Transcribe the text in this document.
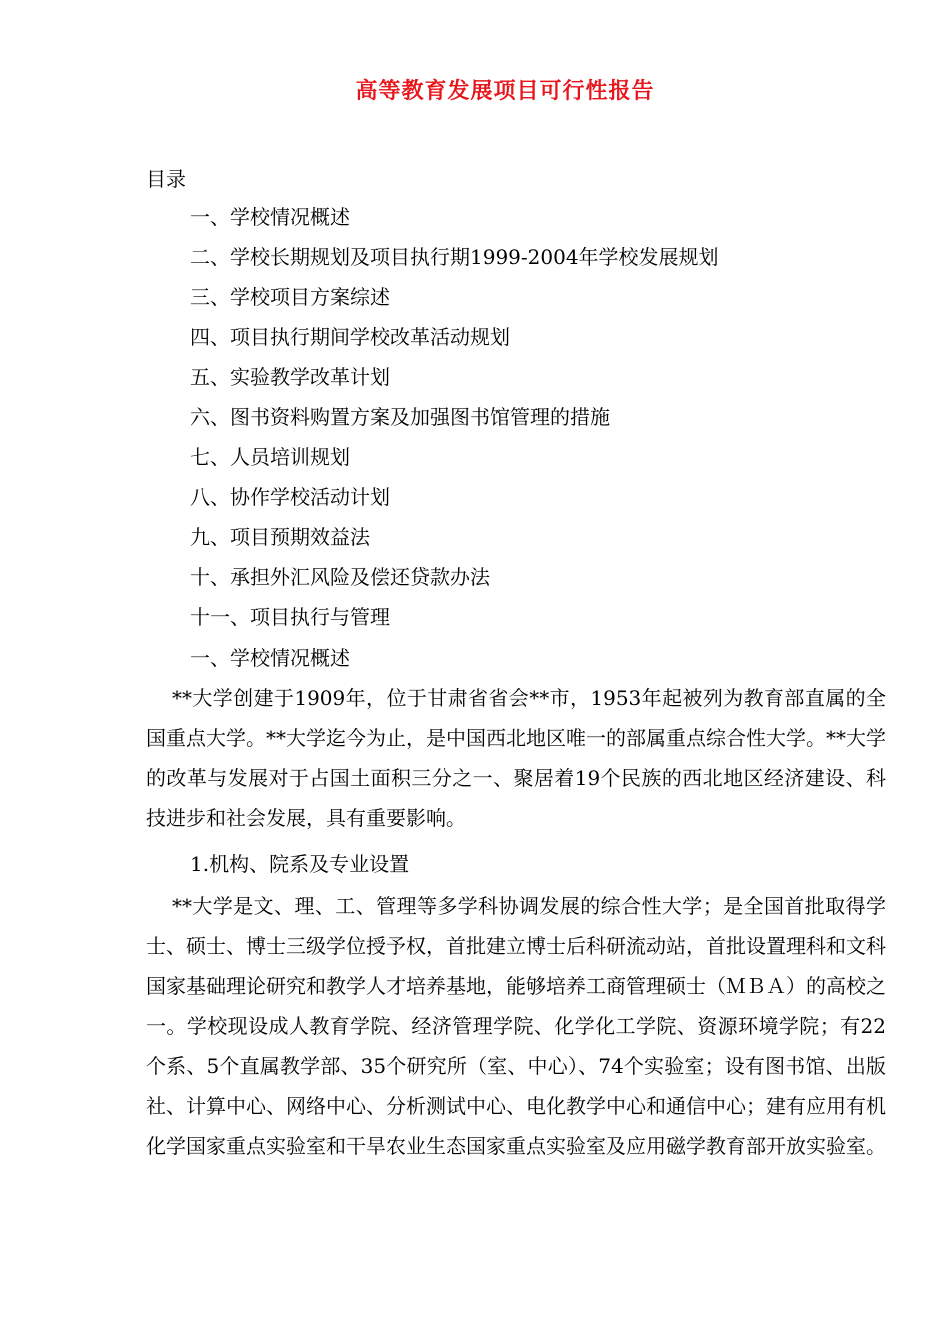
高等教育发展项目可行性报告
目录
一、学校情况概述
二、学校长期规划及项目执行期1999-2004年学校发展规划
三、学校项目方案综述
四、项目执行期间学校改革活动规划
五、实验教学改革计划
六、图书资料购置方案及加强图书馆管理的措施
七、人员培训规划
八、协作学校活动计划
九、项目预期效益法
十、承担外汇风险及偿还贷款办法
十一、项目执行与管理
一、学校情况概述

**大学创建于1909年，位于甘肃省省会**市，1953年起被列为教育部直属的全国重点大学。**大学迄今为止，是中国西北地区唯一的部属重点综合性大学。**大学的改革与发展对于占国土面积三分之一、聚居着19个民族的西北地区经济建设、科技进步和社会发展，具有重要影响。

1.机构、院系及专业设置

**大学是文、理、工、管理等多学科协调发展的综合性大学；是全国首批取得学士、硕士、博士三级学位授予权，首批建立博士后科研流动站，首批设置理科和文科国家基础理论研究和教学人才培养基地，能够培养工商管理硕士（ＭＢＡ）的高校之一。学校现设成人教育学院、经济管理学院、化学化工学院、资源环境学院；有22个系、5个直属教学部、35个研究所（室、中心）、74个实验室；设有图书馆、出版社、计算中心、网络中心、分析测试中心、电化教学中心和通信中心；建有应用有机化学国家重点实验室和干旱农业生态国家重点实验室及应用磁学教育部开放实验室。
